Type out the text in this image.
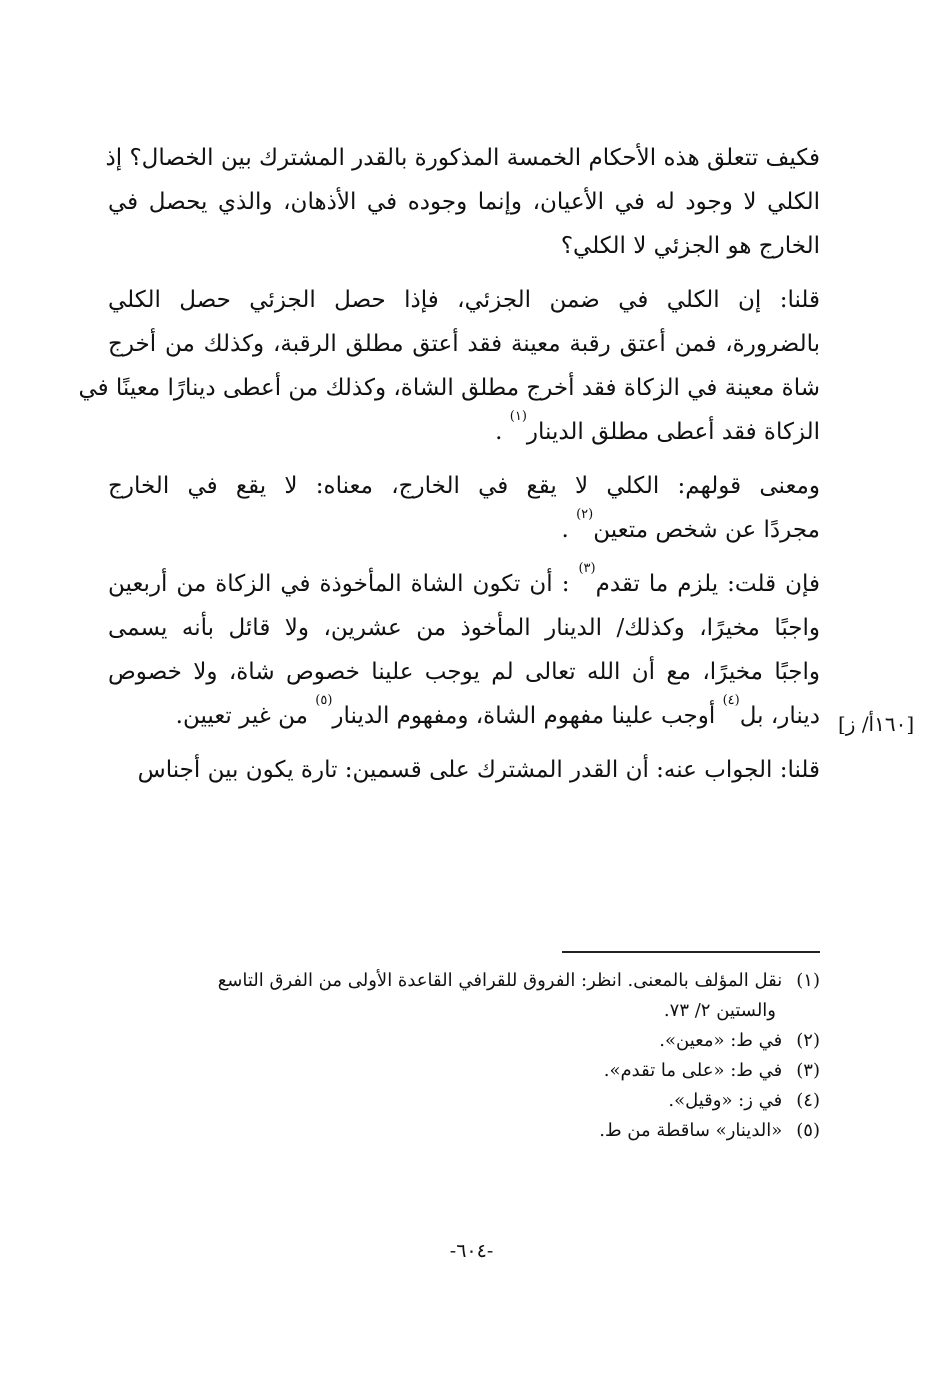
فكيف تتعلق هذه الأحكام الخمسة المذكورة بالقدر المشترك بين الخصال؟ إذ
الكلي لا وجود له في الأعيان، وإنما وجوده في الأذهان، والذي يحصل في
الخارج هو الجزئي لا الكلي؟

قلنا: إن الكلي في ضمن الجزئي، فإذا حصل الجزئي حصل الكلي
بالضرورة، فمن أعتق رقبة معينة فقد أعتق مطلق الرقبة، وكذلك من أخرج
شاة معينة في الزكاة فقد أخرج مطلق الشاة، وكذلك من أعطى دينارًا معينًا في
الزكاة فقد أعطى مطلق الدينار$^{(١)}$ .

ومعنى قولهم: الكلي لا يقع في الخارج، معناه: لا يقع في الخارج
مجردًا عن شخص متعين$^{(٢)}$ .

فإن قلت: يلزم ما تقدم$^{(٣)}$ : أن تكون الشاة المأخوذة في الزكاة من أربعين
واجبًا مخيرًا، وكذلك/ الدينار المأخوذ من عشرين، ولا قائل بأنه يسمى
واجبًا مخيرًا، مع أن الله تعالى لم يوجب علينا خصوص شاة، ولا خصوص
دينار، بل$^{(٤)}$ أوجب علينا مفهوم الشاة، ومفهوم الدينار$^{(٥)}$ من غير تعيين.

قلنا: الجواب عنه: أن القدر المشترك على قسمين: تارة يكون بين أجناس

[١٦٠أ/ ز]
(١)نقل المؤلف بالمعنى. انظر: الفروق للقرافي القاعدة الأولى من الفرق التاسع
والستين ٢/ ٧٣.
(٢)في ط: «معين».
(٣)في ط: «على ما تقدم».
(٤)في ز: «وقيل».
(٥)«الدينار» ساقطة من ط.
-٦٠٤-
